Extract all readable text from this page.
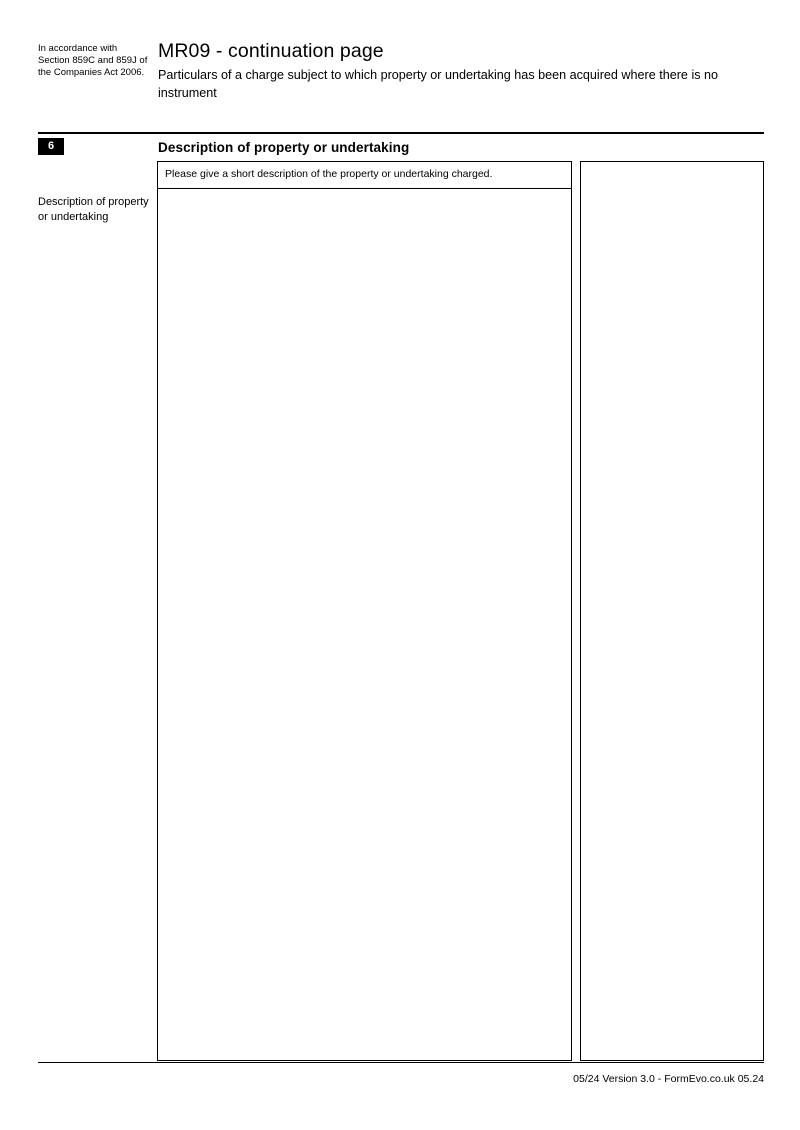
In accordance with Section 859C and 859J of the Companies Act 2006.
MR09 - continuation page
Particulars of a charge subject to which property or undertaking has been acquired where there is no instrument
6	Description of property or undertaking
Description of property or undertaking
Please give a short description of the property or undertaking charged.
05/24 Version 3.0 - FormEvo.co.uk 05.24
